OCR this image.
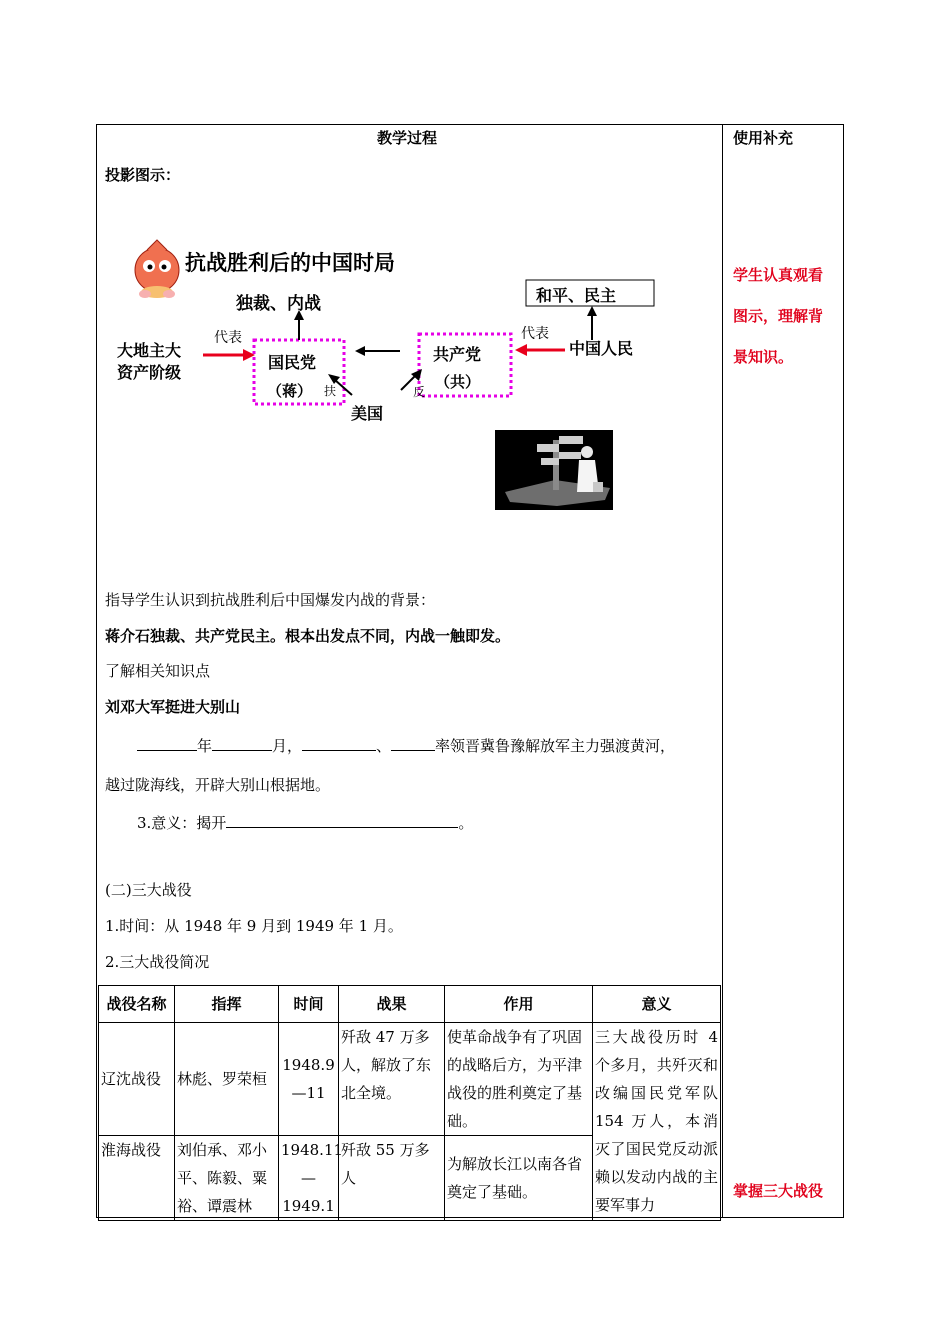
教学过程	使用补充
投影图示：
抗战胜利后的中国时局
独裁、内战	和平、民主
大地主大
资产阶级
代表	代表
国民党
（蒋） 扶
共产党
（共）
美国
反
中国人民
学生认真观看
图示，理解背
景知识。
掌握三大战役
指导学生认识到抗战胜利后中国爆发内战的背景：
蒋介石独裁、共产党民主。根本出发点不同，内战一触即发。
了解相关知识点
刘邓大军挺进大别山
年	月，	、	率领晋冀鲁豫解放军主力强渡黄河，
越过陇海线，开辟大别山根据地。
3.意义：揭开	。
(二)三大战役
1.时间：从 1948 年 9 月到 1949 年 1 月。
2.三大战役简况
战役名称	指挥	时间	战果	作用	意义
辽沈战役	林彪、罗荣桓	1948.9—11	歼敌 47 万多人，解放了东北全境。	使革命战争有了巩固的战略后方，为平津战役的胜利奠定了基础。	三大战役历时 4 个多月，共歼灭和改编国民党军队 154 万人，本消灭了国民党反动派赖以发动内战的主要军事力
淮海战役	刘伯承、邓小平、陈毅、粟裕、谭震林	1948.11—1949.1	歼敌 55 万多人	为解放长江以南各省奠定了基础。	
